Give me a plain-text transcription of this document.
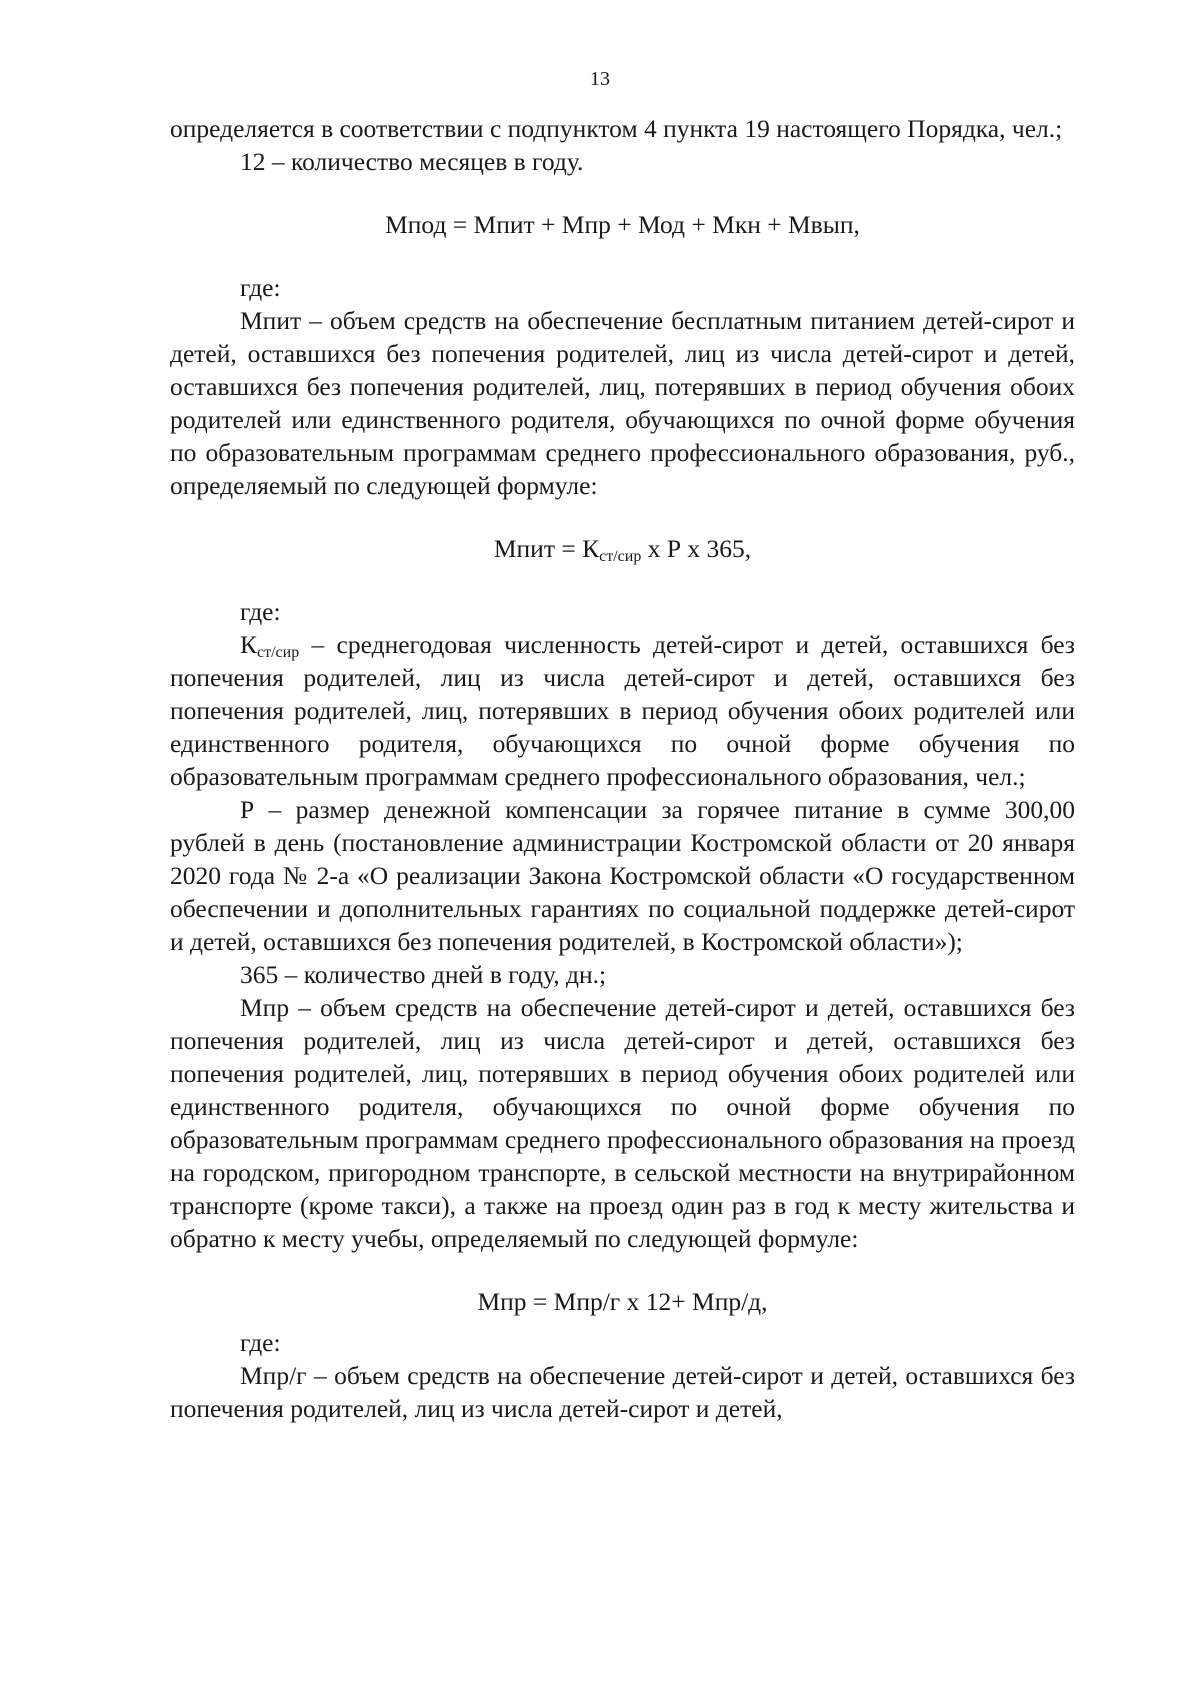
13

определяется в соответствии с подпунктом 4 пункта 19 настоящего Порядка, чел.;

12 – количество месяцев в году.

Мпод = Мпит + Мпр + Мод + Мкн + Мвып,

где:

Мпит – объем средств на обеспечение бесплатным питанием детей-сирот и детей, оставшихся без попечения родителей, лиц из числа детей-сирот и детей, оставшихся без попечения родителей, лиц, потерявших в период обучения обоих родителей или единственного родителя, обучающихся по очной форме обучения по образовательным программам среднего профессионального образования, руб., определяемый по следующей формуле:

Мпит = $К_{ст/сир}$ х Р х 365,

где:

$К_{ст/сир}$ – среднегодовая численность детей-сирот и детей, оставшихся без попечения родителей, лиц из числа детей-сирот и детей, оставшихся без попечения родителей, лиц, потерявших в период обучения обоих родителей или единственного родителя, обучающихся по очной форме обучения по образовательным программам среднего профессионального образования, чел.;

Р – размер денежной компенсации за горячее питание в сумме 300,00 рублей в день (постановление администрации Костромской области от 20 января 2020 года № 2-а «О реализации Закона Костромской области «О государственном обеспечении и дополнительных гарантиях по социальной поддержке детей-сирот и детей, оставшихся без попечения родителей, в Костромской области»);

365 – количество дней в году, дн.;

Мпр – объем средств на обеспечение детей-сирот и детей, оставшихся без попечения родителей, лиц из числа детей-сирот и детей, оставшихся без попечения родителей, лиц, потерявших в период обучения обоих родителей или единственного родителя, обучающихся по очной форме обучения по образовательным программам среднего профессионального образования на проезд на городском, пригородном транспорте, в сельской местности на внутрирайонном транспорте (кроме такси), а также на проезд один раз в год к месту жительства и обратно к месту учебы, определяемый по следующей формуле:

Мпр = Мпр/г х 12+ Мпр/д,

где:

Мпр/г – объем средств на обеспечение детей-сирот и детей, оставшихся без попечения родителей, лиц из числа детей-сирот и детей,
